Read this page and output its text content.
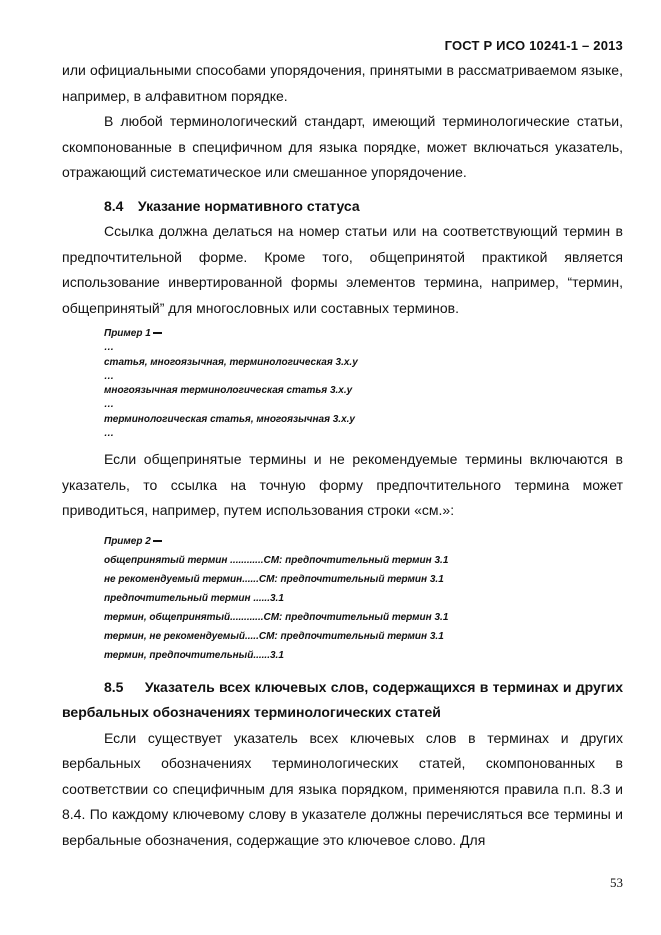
ГОСТ Р ИСО 10241-1 – 2013

или официальными способами упорядочения, принятыми в рассматриваемом языке, например, в алфавитном порядке.

В любой терминологический стандарт, имеющий терминологические статьи, скомпонованные в специфичном для языка порядке, может включаться указатель, отражающий систематическое или смешанное упорядочение.

8.4 Указание нормативного статуса

Ссылка должна делаться на номер статьи или на соответствующий термин в предпочтительной форме. Кроме того, общепринятой практикой является использование инвертированной формы элементов термина, например, “термин, общепринятый” для многословных или составных терминов.

Пример 1
…
статья, многоязычная, терминологическая 3.x.y
…
многоязычная терминологическая статья 3.x.y
…
терминологическая статья, многоязычная 3.x.y
…

Если общепринятые термины и не рекомендуемые термины включаются в указатель, то ссылка на точную форму предпочтительного термина может приводиться, например, путем использования строки «см.»:

Пример 2
общепринятый термин ............СМ: предпочтительный термин 3.1
не рекомендуемый термин......СМ: предпочтительный термин 3.1
предпочтительный термин ......3.1
термин, общепринятый............СМ: предпочтительный термин 3.1
термин, не рекомендуемый.....СМ: предпочтительный термин 3.1
термин, предпочтительный......3.1
8.5 Указатель всех ключевых слов, содержащихся в терминах и других вербальных обозначениях терминологических статей

Если существует указатель всех ключевых слов в терминах и других вербальных обозначениях терминологических статей, скомпонованных в соответствии со специфичным для языка порядком, применяются правила п.п. 8.3 и 8.4. По каждому ключевому слову в указателе должны перечисляться все термины и вербальные обозначения, содержащие это ключевое слово. Для

53
